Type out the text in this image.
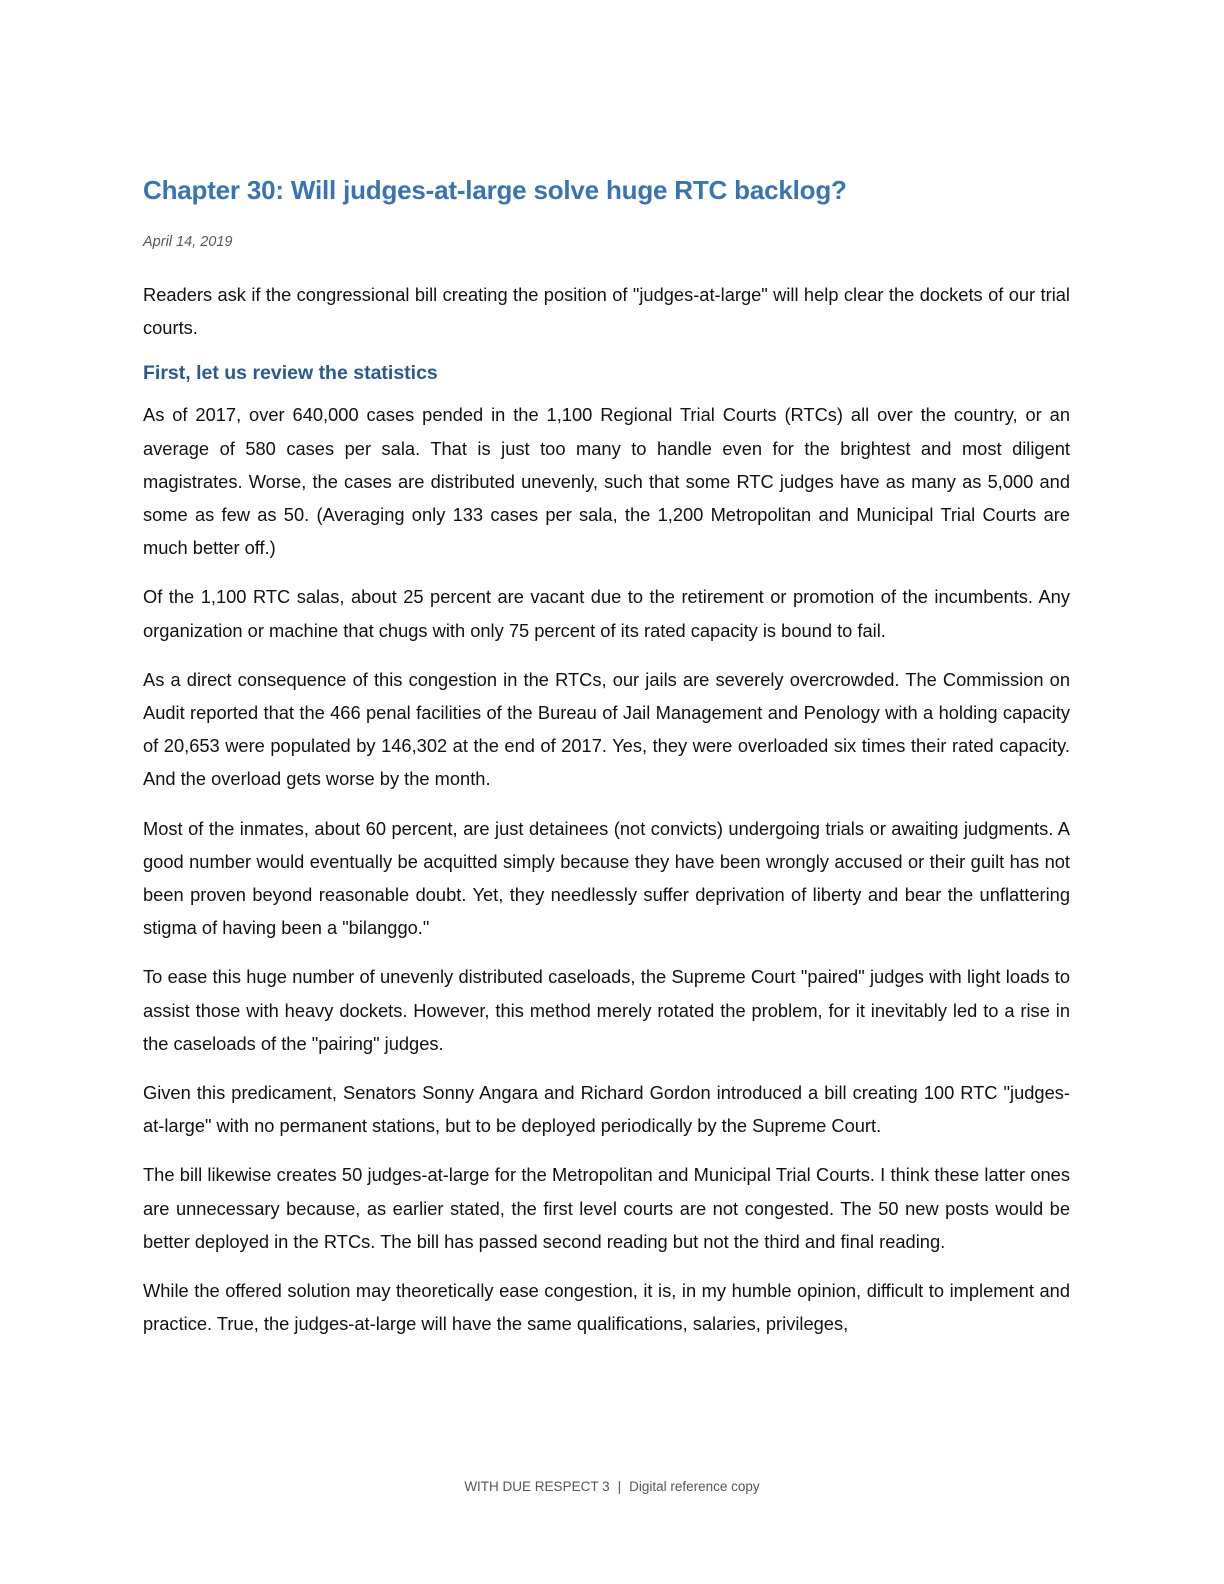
Chapter 30: Will judges-at-large solve huge RTC backlog?
April 14, 2019

Readers ask if the congressional bill creating the position of "judges-at-large" will help clear the dockets of our trial courts.

First, let us review the statistics

As of 2017, over 640,000 cases pended in the 1,100 Regional Trial Courts (RTCs) all over the country, or an average of 580 cases per sala. That is just too many to handle even for the brightest and most diligent magistrates. Worse, the cases are distributed unevenly, such that some RTC judges have as many as 5,000 and some as few as 50. (Averaging only 133 cases per sala, the 1,200 Metropolitan and Municipal Trial Courts are much better off.)

Of the 1,100 RTC salas, about 25 percent are vacant due to the retirement or promotion of the incumbents. Any organization or machine that chugs with only 75 percent of its rated capacity is bound to fail.

As a direct consequence of this congestion in the RTCs, our jails are severely overcrowded. The Commission on Audit reported that the 466 penal facilities of the Bureau of Jail Management and Penology with a holding capacity of 20,653 were populated by 146,302 at the end of 2017. Yes, they were overloaded six times their rated capacity. And the overload gets worse by the month.

Most of the inmates, about 60 percent, are just detainees (not convicts) undergoing trials or awaiting judgments. A good number would eventually be acquitted simply because they have been wrongly accused or their guilt has not been proven beyond reasonable doubt. Yet, they needlessly suffer deprivation of liberty and bear the unflattering stigma of having been a "bilanggo."

To ease this huge number of unevenly distributed caseloads, the Supreme Court "paired" judges with light loads to assist those with heavy dockets. However, this method merely rotated the problem, for it inevitably led to a rise in the caseloads of the "pairing" judges.

Given this predicament, Senators Sonny Angara and Richard Gordon introduced a bill creating 100 RTC "judges-at-large" with no permanent stations, but to be deployed periodically by the Supreme Court.

The bill likewise creates 50 judges-at-large for the Metropolitan and Municipal Trial Courts. I think these latter ones are unnecessary because, as earlier stated, the first level courts are not congested. The 50 new posts would be better deployed in the RTCs. The bill has passed second reading but not the third and final reading.

While the offered solution may theoretically ease congestion, it is, in my humble opinion, difficult to implement and practice. True, the judges-at-large will have the same qualifications, salaries, privileges,

WITH DUE RESPECT 3 | Digital reference copy
